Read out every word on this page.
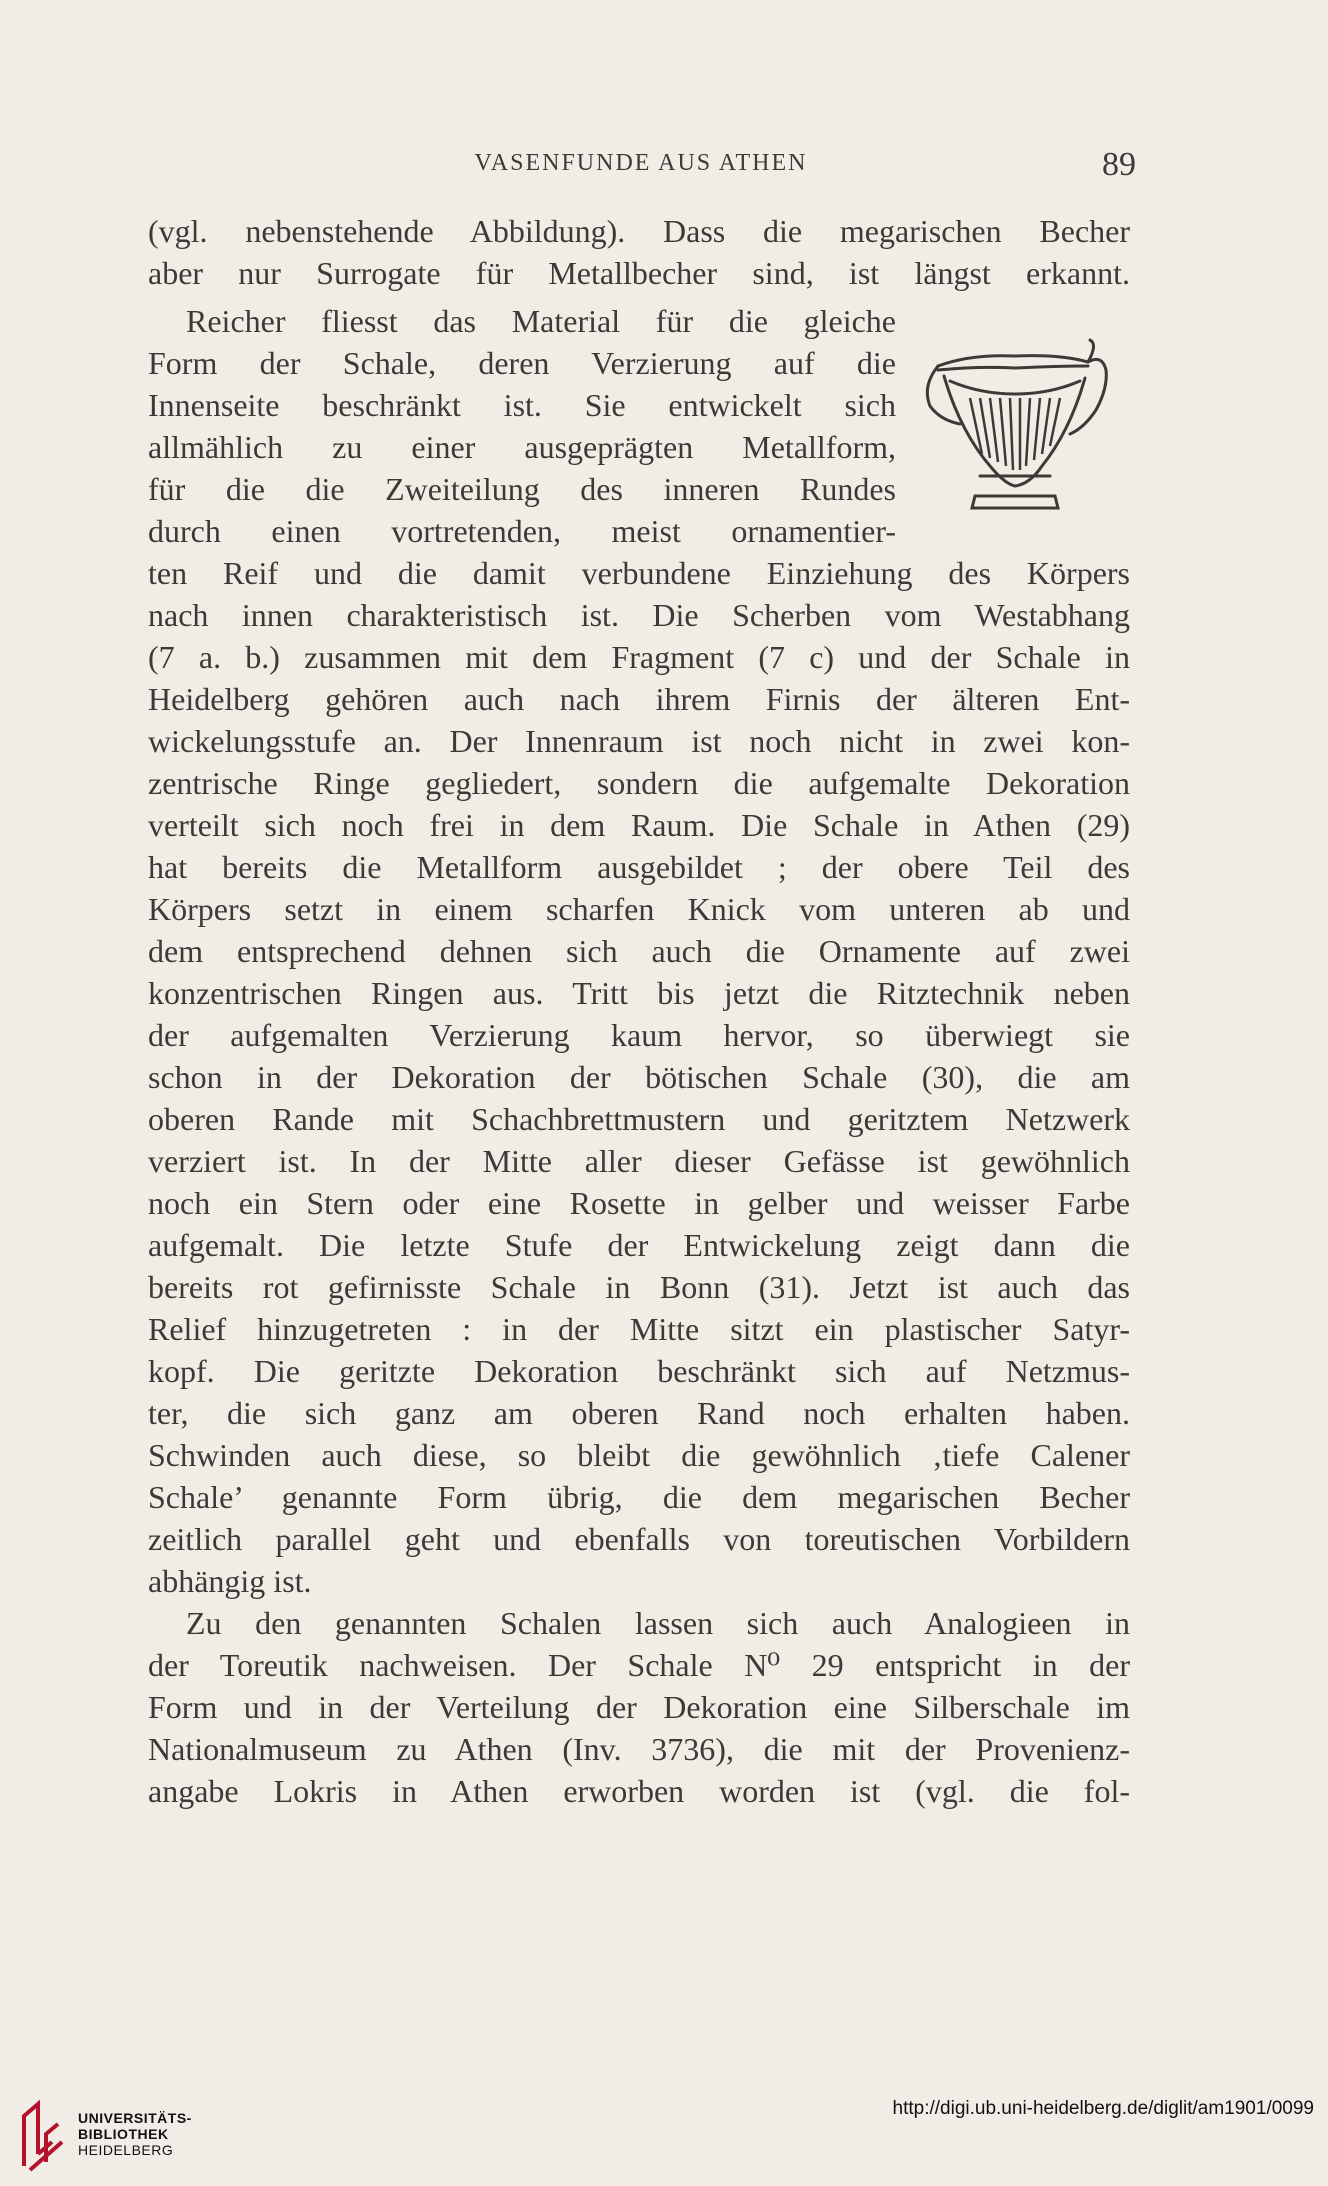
VASENFUNDE AUS ATHEN	89
(vgl. nebenstehende Abbildung). Dass die megarischen Becher
aber nur Surrogate für Metallbecher sind, ist längst erkannt.
Reicher fliesst das Material für die gleiche
Form der Schale, deren Verzierung auf die
Innenseite beschränkt ist. Sie entwickelt sich
allmählich zu einer ausgeprägten Metallform,
für die die Zweiteilung des inneren Rundes
durch einen vortretenden, meist ornamentier-
ten Reif und die damit verbundene Einziehung des Körpers
nach innen charakteristisch ist. Die Scherben vom Westabhang
(7 a. b.) zusammen mit dem Fragment (7 c) und der Schale in
Heidelberg gehören auch nach ihrem Firnis der älteren Ent-
wickelungsstufe an. Der Innenraum ist noch nicht in zwei kon-
zentrische Ringe gegliedert, sondern die aufgemalte Dekoration
verteilt sich noch frei in dem Raum. Die Schale in Athen (29)
hat bereits die Metallform ausgebildet ; der obere Teil des
Körpers setzt in einem scharfen Knick vom unteren ab und
dem entsprechend dehnen sich auch die Ornamente auf zwei
konzentrischen Ringen aus. Tritt bis jetzt die Ritztechnik neben
der aufgemalten Verzierung kaum hervor, so überwiegt sie
schon in der Dekoration der bötischen Schale (30), die am
oberen Rande mit Schachbrettmustern und geritztem Netzwerk
verziert ist. In der Mitte aller dieser Gefässe ist gewöhnlich
noch ein Stern oder eine Rosette in gelber und weisser Farbe
aufgemalt. Die letzte Stufe der Entwickelung zeigt dann die
bereits rot gefirnisste Schale in Bonn (31). Jetzt ist auch das
Relief hinzugetreten : in der Mitte sitzt ein plastischer Satyr-
kopf. Die geritzte Dekoration beschränkt sich auf Netzmus-
ter, die sich ganz am oberen Rand noch erhalten haben.
Schwinden auch diese, so bleibt die gewöhnlich ‚tiefe Calener
Schale’ genannte Form übrig, die dem megarischen Becher
zeitlich parallel geht und ebenfalls von toreutischen Vorbildern
abhängig ist.
Zu den genannten Schalen lassen sich auch Analogieen in
der Toreutik nachweisen. Der Schale N⁰ 29 entspricht in der
Form und in der Verteilung der Dekoration eine Silberschale im
Nationalmuseum zu Athen (Inv. 3736), die mit der Provenienz-
angabe Lokris in Athen erworben worden ist (vgl. die fol-
UNIVERSITÄTS-
BIBLIOTHEK
HEIDELBERG
http://digi.ub.uni-heidelberg.de/diglit/am1901/0099
